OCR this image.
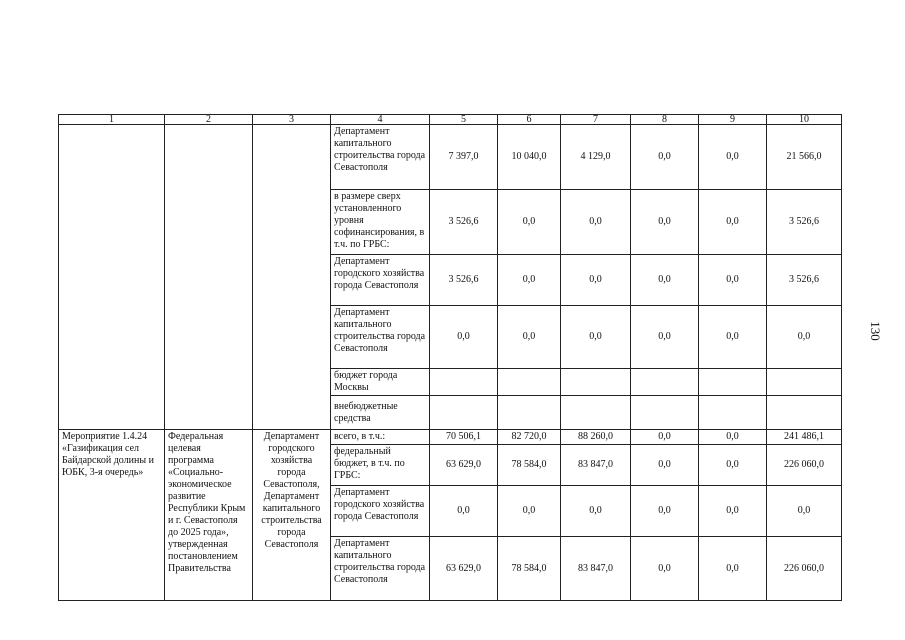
1	2	3	4	5	6	7	8	9	10
			Департамент капитального строительства города Севастополя	7 397,0	10 040,0	4 129,0	0,0	0,0	21 566,0
			в размере сверх установленного уровня софинансирования, в т.ч. по ГРБС:	3 526,6	0,0	0,0	0,0	0,0	3 526,6
			Департамент городского хозяйства города Севастополя	3 526,6	0,0	0,0	0,0	0,0	3 526,6
			Департамент капитального строительства города Севастополя	0,0	0,0	0,0	0,0	0,0	0,0
			бюджет города Москвы						
			внебюджетные средства						
Мероприятие 1.4.24 «Газификация сел Байдарской долины и ЮБК, 3-я очередь»	Федеральная целевая программа «Социально-экономическое развитие Республики Крым и г. Севастополя до 2025 года», утвержденная постановлением Правительства	Департамент городского хозяйства города Севастополя, Департамент капитального строительства города Севастополя	всего, в т.ч.:	70 506,1	82 720,0	88 260,0	0,0	0,0	241 486,1
			федеральный бюджет, в т.ч. по ГРБС:	63 629,0	78 584,0	83 847,0	0,0	0,0	226 060,0
			Департамент городского хозяйства города Севастополя	0,0	0,0	0,0	0,0	0,0	0,0
			Департамент капитального строительства города Севастополя	63 629,0	78 584,0	83 847,0	0,0	0,0	226 060,0
130
